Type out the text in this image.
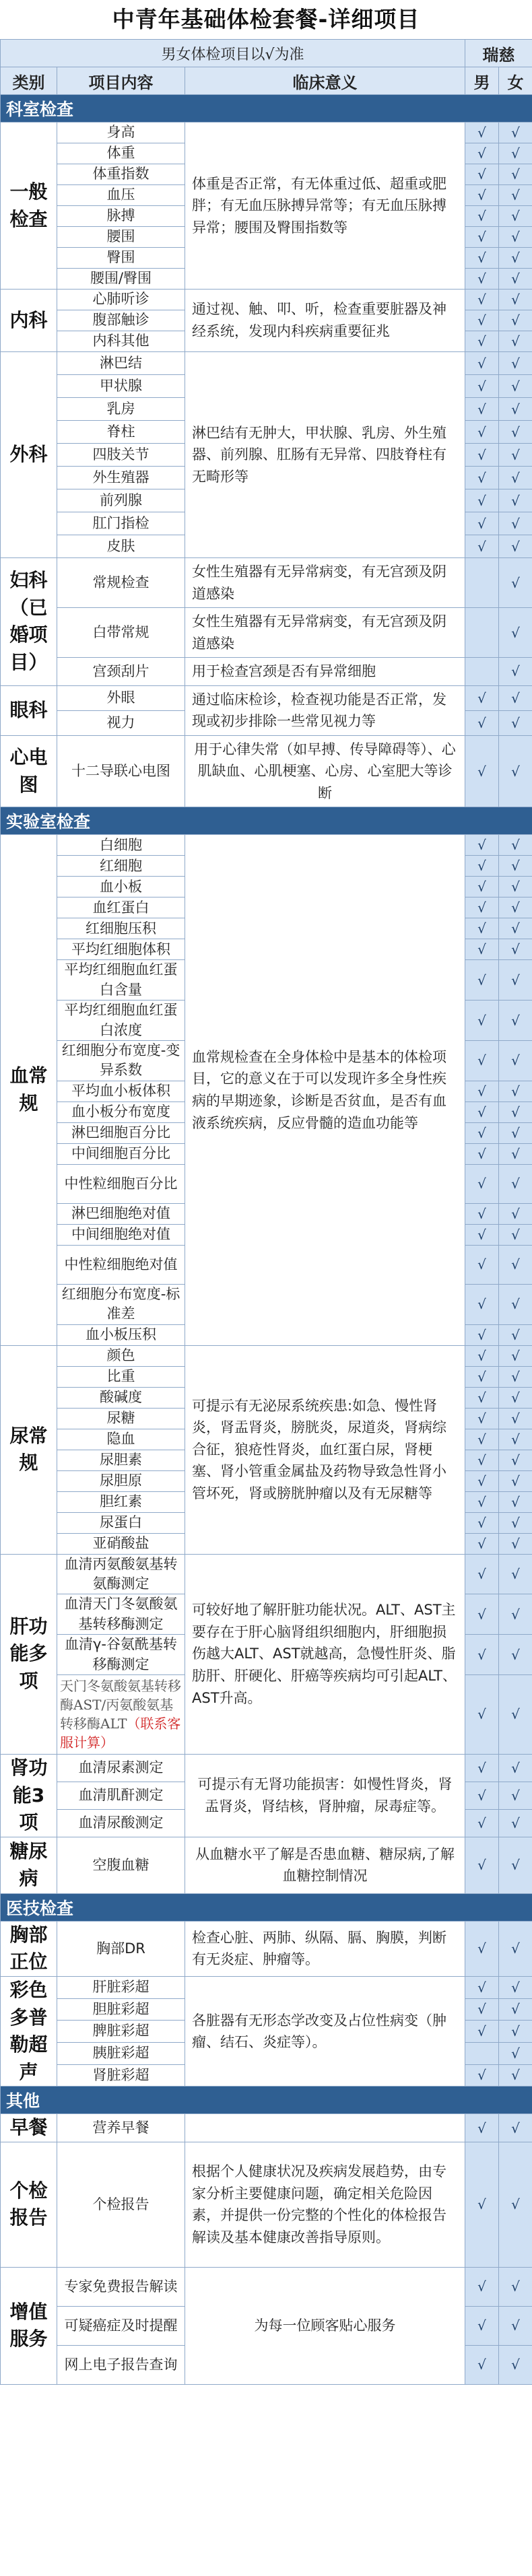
中青年基础体检套餐-详细项目
男女体检项目以√为准			瑞慈	
类别	项目内容	临床意义	男	女
科室检查				
一般检查	身高	体重是否正常，有无体重过低、超重或肥胖；有无血压脉搏异常等；有无血压脉搏异常；腰围及臀围指数等	√	√
	体重		√	√
	体重指数		√	√
	血压		√	√
	脉搏		√	√
	腰围		√	√
	臀围		√	√
	腰围/臀围		√	√
内科	心肺听诊	通过视、触、叩、听，检查重要脏器及神经系统，发现内科疾病重要征兆	√	√
	腹部触诊		√	√
	内科其他		√	√
外科	淋巴结	淋巴结有无肿大，甲状腺、乳房、外生殖器、前列腺、肛肠有无异常、四肢脊柱有无畸形等	√	√
	甲状腺		√	√
	乳房		√	√
	脊柱		√	√
	四肢关节		√	√
	外生殖器		√	√
	前列腺		√	√
	肛门指检		√	√
	皮肤		√	√
妇科（已婚项目）	常规检查	女性生殖器有无异常病变，有无宫颈及阴道感染		√
	白带常规	女性生殖器有无异常病变，有无宫颈及阴道感染		√
	宫颈刮片	用于检查宫颈是否有异常细胞		√
眼科	外眼	通过临床检诊，检查视功能是否正常，发现或初步排除一些常见视力等	√	√
	视力		√	√
心电图	十二导联心电图	用于心律失常（如早搏、传导障碍等）、心肌缺血、心肌梗塞、心房、心室肥大等诊断	√	√
实验室检查				
血常规	白细胞	血常规检查在全身体检中是基本的体检项目，它的意义在于可以发现许多全身性疾病的早期迹象，诊断是否贫血，是否有血液系统疾病，反应骨髓的造血功能等	√	√
	红细胞		√	√
	血小板		√	√
	血红蛋白		√	√
	红细胞压积		√	√
	平均红细胞体积		√	√
	平均红细胞血红蛋白含量		√	√
	平均红细胞血红蛋白浓度		√	√
	红细胞分布宽度-变异系数		√	√
	平均血小板体积		√	√
	血小板分布宽度		√	√
	淋巴细胞百分比		√	√
	中间细胞百分比		√	√
	中性粒细胞百分比		√	√
	淋巴细胞绝对值		√	√
	中间细胞绝对值		√	√
	中性粒细胞绝对值		√	√
	红细胞分布宽度-标准差		√	√
	血小板压积		√	√
尿常规	颜色	可提示有无泌尿系统疾患:如急、慢性肾炎，肾盂肾炎，膀胱炎，尿道炎，肾病综合征，狼疮性肾炎，血红蛋白尿，肾梗塞、肾小管重金属盐及药物导致急性肾小管坏死，肾或膀胱肿瘤以及有无尿糖等	√	√
	比重		√	√
	酸碱度		√	√
	尿糖		√	√
	隐血		√	√
	尿胆素		√	√
	尿胆原		√	√
	胆红素		√	√
	尿蛋白		√	√
	亚硝酸盐		√	√
肝功能多项	血清丙氨酸氨基转氨酶测定	可较好地了解肝脏功能状况。ALT、AST主要存在于肝心脑肾组织细胞内，肝细胞损伤越大ALT、AST就越高，急慢性肝炎、脂肪肝、肝硬化、肝癌等疾病均可引起ALT、AST升高。	√	√
	血清天门冬氨酸氨基转移酶测定		√	√
	血清γ-谷氨酰基转移酶测定		√	√
	天门冬氨酸氨基转移酶AST/丙氨酸氨基转移酶ALT（联系客服计算）		√	√
肾功能3项	血清尿素测定	可提示有无肾功能损害：如慢性肾炎，肾盂肾炎，肾结核，肾肿瘤，尿毒症等。	√	√
	血清肌酐测定		√	√
	血清尿酸测定		√	√
糖尿病	空腹血糖	从血糖水平了解是否患血糖、糖尿病,了解血糖控制情况	√	√
医技检查				
胸部正位	胸部DR	检查心脏、两肺、纵隔、膈、胸膜，判断有无炎症、肿瘤等。	√	√
彩色多普勒超声	肝脏彩超	各脏器有无形态学改变及占位性病变（肿瘤、结石、炎症等）。	√	√
	胆脏彩超		√	√
	脾脏彩超		√	√
	胰脏彩超			√
	肾脏彩超		√	√
其他				
早餐	营养早餐		√	√
个检报告	个检报告	根据个人健康状况及疾病发展趋势，由专家分析主要健康问题，确定相关危险因素，并提供一份完整的个性化的体检报告解读及基本健康改善指导原则。	√	√
增值服务	专家免费报告解读	为每一位顾客贴心服务	√	√
	可疑癌症及时提醒		√	√
	网上电子报告查询		√	√
